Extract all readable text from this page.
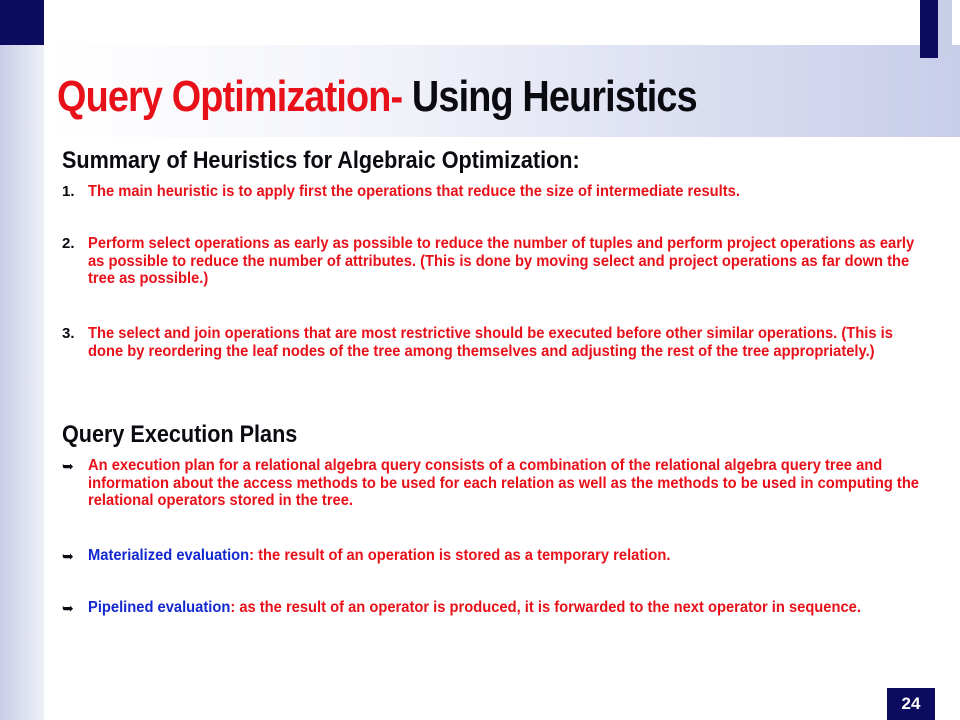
Query Optimization- Using Heuristics
Summary of Heuristics for Algebraic Optimization:
1. The main heuristic is to apply first the operations that reduce the size of intermediate results.
2. Perform select operations as early as possible to reduce the number of tuples and perform project operations as early as possible to reduce the number of attributes. (This is done by moving select and project operations as far down the tree as possible.)
3. The select and join operations that are most restrictive should be executed before other similar operations. (This is done by reordering the leaf nodes of the tree among themselves and adjusting the rest of the tree appropriately.)
Query Execution Plans
➥ An execution plan for a relational algebra query consists of a combination of the relational algebra query tree and information about the access methods to be used for each relation as well as the methods to be used in computing the relational operators stored in the tree.
➥ Materialized evaluation: the result of an operation is stored as a temporary relation.
➥ Pipelined evaluation: as the result of an operator is produced, it is forwarded to the next operator in sequence.
24
